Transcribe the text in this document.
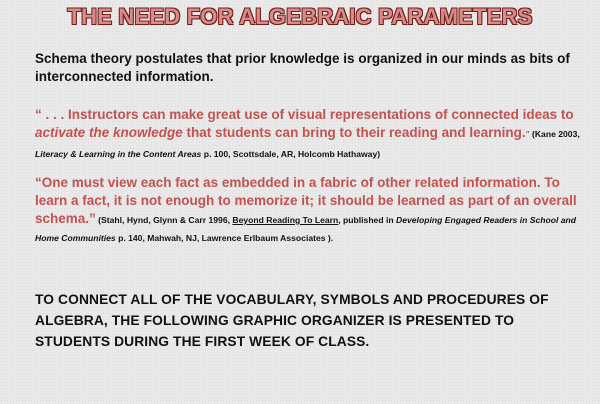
THE NEED FOR ALGEBRAIC PARAMETERS
Schema theory postulates that prior knowledge is organized in our minds as bits of interconnected information.
“ . . . Instructors can make great use of visual representations of connected ideas to activate the knowledge that students can bring to their reading and learning.” (Kane 2003, Literacy & Learning in the Content Areas p. 100, Scottsdale, AR, Holcomb Hathaway)
“One must view each fact as embedded in a fabric of other related information. To learn a fact, it is not enough to memorize it; it should be learned as part of an overall schema.” (Stahl, Hynd, Glynn & Carr 1996, Beyond Reading To Learn, published in Developing Engaged Readers in School and Home Communities p. 140, Mahwah, NJ, Lawrence Erlbaum Associates ).
TO CONNECT ALL OF THE VOCABULARY, SYMBOLS AND PROCEDURES OF ALGEBRA, THE FOLLOWING GRAPHIC ORGANIZER IS PRESENTED TO STUDENTS DURING THE FIRST WEEK OF CLASS.
